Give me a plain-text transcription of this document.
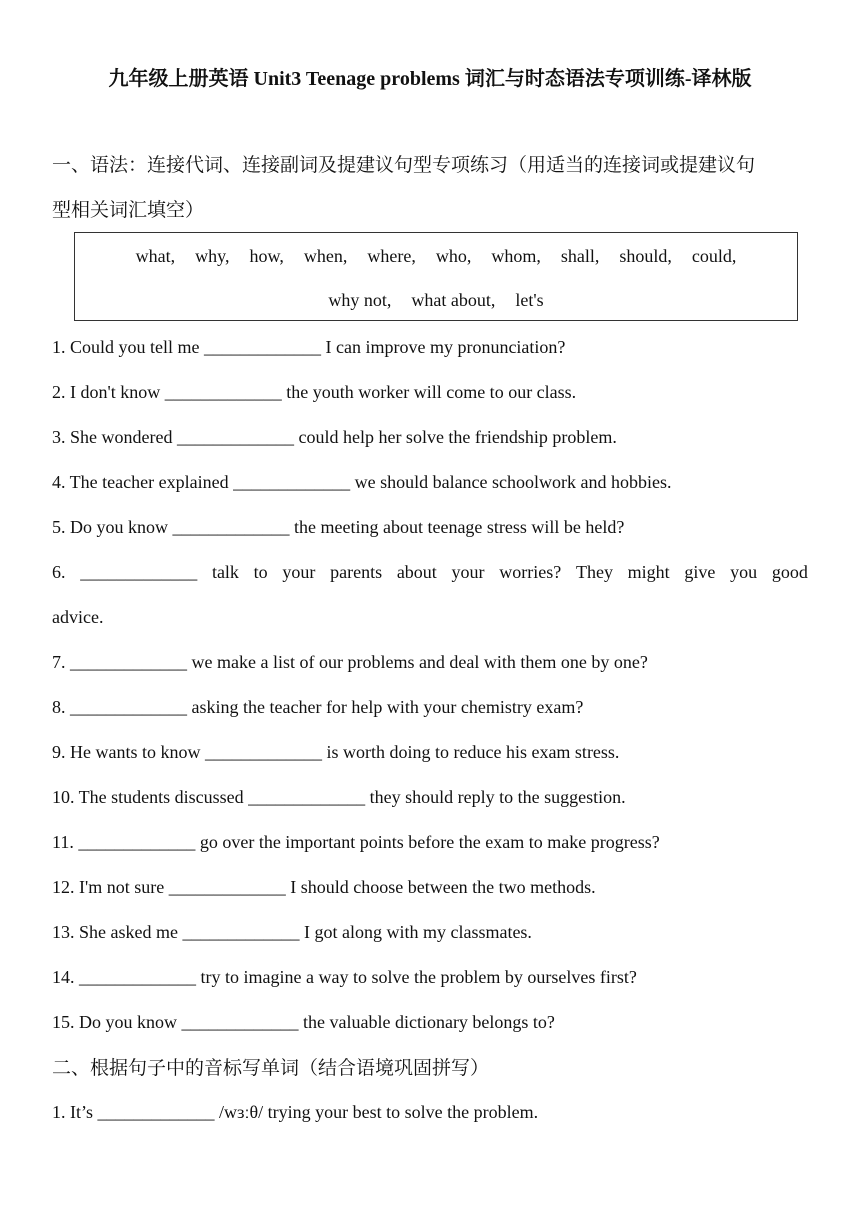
九年级上册英语 Unit3 Teenage problems 词汇与时态语法专项训练-译林版
一、语法：连接代词、连接副词及提建议句型专项练习（用适当的连接词或提建议句
型相关词汇填空）
what, why, how, when, where, who, whom, shall, should, could,
why not, what about, let's
1. Could you tell me _____________ I can improve my pronunciation?
2. I don't know _____________ the youth worker will come to our class.
3. She wondered _____________ could help her solve the friendship problem.
4. The teacher explained _____________ we should balance schoolwork and hobbies.
5. Do you know _____________ the meeting about teenage stress will be held?
6. _____________ talk to your parents about your worries? They might give you good
advice.
7. _____________ we make a list of our problems and deal with them one by one?
8. _____________ asking the teacher for help with your chemistry exam?
9. He wants to know _____________ is worth doing to reduce his exam stress.
10. The students discussed _____________ they should reply to the suggestion.
11. _____________ go over the important points before the exam to make progress?
12. I'm not sure _____________ I should choose between the two methods.
13. She asked me _____________ I got along with my classmates.
14. _____________ try to imagine a way to solve the problem by ourselves first?
15. Do you know _____________ the valuable dictionary belongs to?
二、根据句子中的音标写单词（结合语境巩固拼写）
1. It’s _____________ /wɜːθ/ trying your best to solve the problem.
